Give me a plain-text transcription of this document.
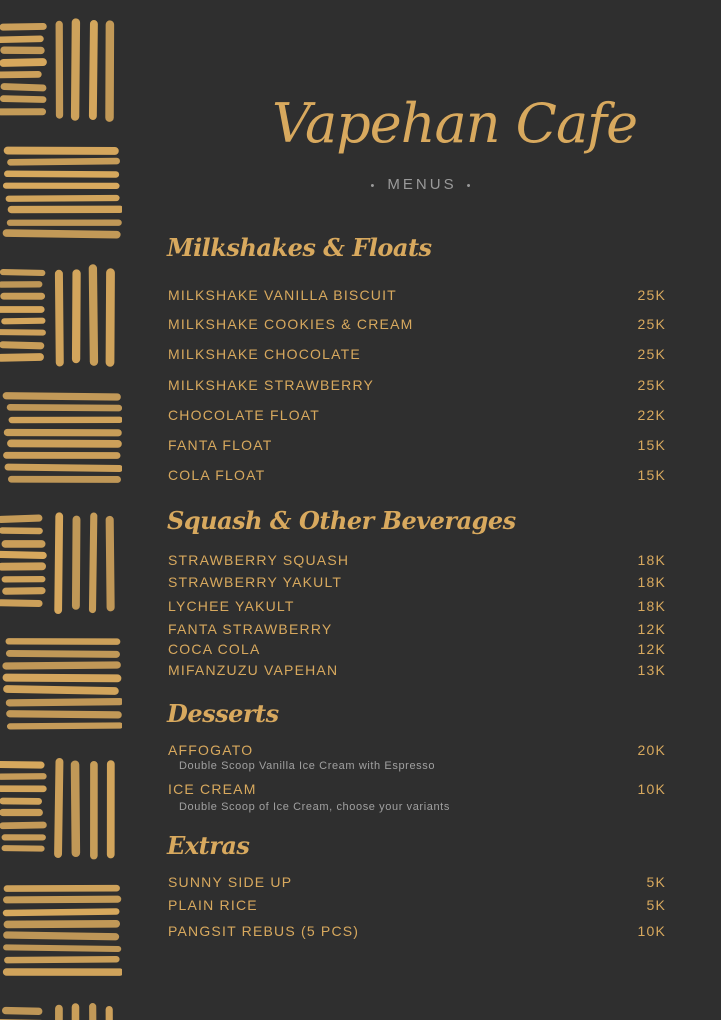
Vapehan Cafe
• MENUS •
Milkshakes & Floats
MILKSHAKE VANILLA BISCUIT	25K
MILKSHAKE COOKIES & CREAM	25K
MILKSHAKE CHOCOLATE	25K
MILKSHAKE STRAWBERRY	25K
CHOCOLATE FLOAT	22K
FANTA FLOAT	15K
COLA FLOAT	15K
Squash & Other Beverages
STRAWBERRY SQUASH	18K
STRAWBERRY YAKULT	18K
LYCHEE YAKULT	18K
FANTA STRAWBERRY	12K
COCA COLA	12K
MIFANZUZU VAPEHAN	13K
Desserts
AFFOGATO	20K
Double Scoop Vanilla Ice Cream with Espresso
ICE CREAM	10K
Double Scoop of Ice Cream, choose your variants
Extras
SUNNY SIDE UP	5K
PLAIN RICE	5K
PANGSIT REBUS (5 PCS)	10K
